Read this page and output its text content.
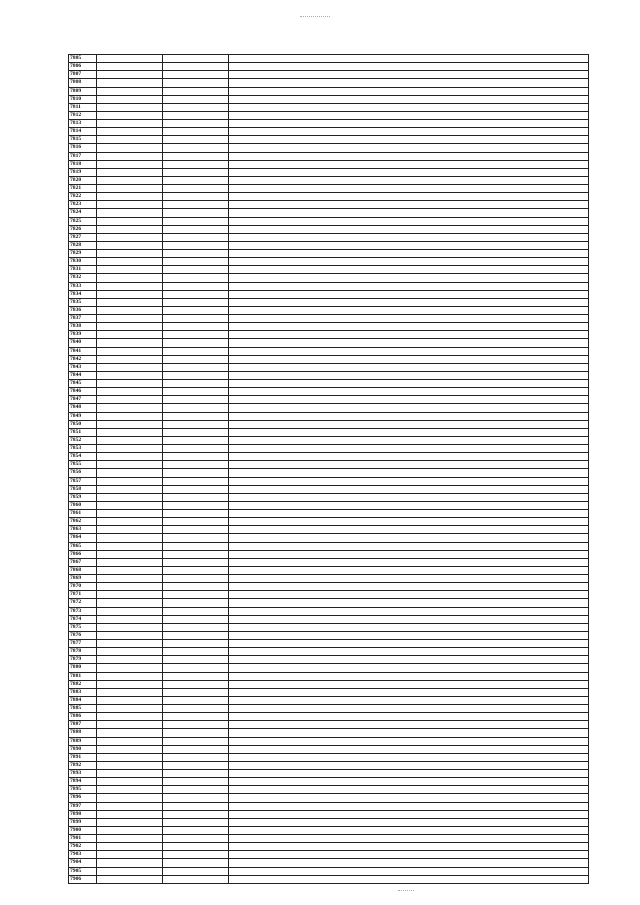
7805
7806
7807
7808
7809
7810
7811
7812
7813
7814
7815
7816
7817
7818
7819
7820
7821
7822
7823
7824
7825
7826
7827
7828
7829
7830
7831
7832
7833
7834
7835
7836
7837
7838
7839
7840
7841
7842
7843
7844
7845
7846
7847
7848
7849
7850
7851
7852
7853
7854
7855
7856
7857
7858
7859
7860
7861
7862
7863
7864
7865
7866
7867
7868
7869
7870
7871
7872
7873
7874
7875
7876
7877
7878
7879
7880
7881
7882
7883
7884
7885
7886
7887
7888
7889
7890
7891
7892
7893
7894
7895
7896
7897
7898
7899
7900
7901
7902
7903
7904
7905
7906
